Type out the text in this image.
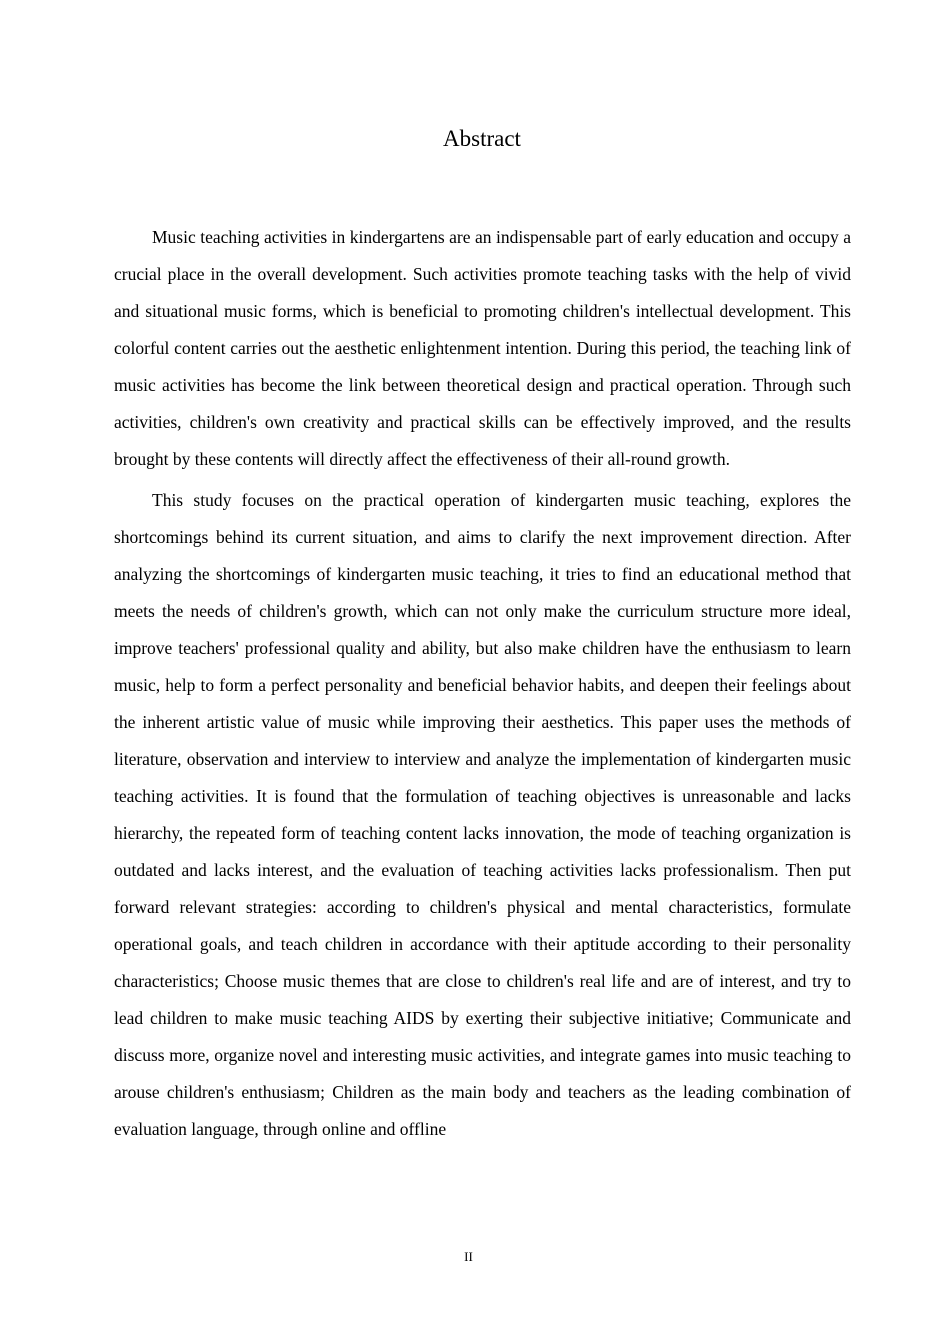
Abstract

Music teaching activities in kindergartens are an indispensable part of early education and occupy a crucial place in the overall development. Such activities promote teaching tasks with the help of vivid and situational music forms, which is beneficial to promoting children's intellectual development. This colorful content carries out the aesthetic enlightenment intention. During this period, the teaching link of music activities has become the link between theoretical design and practical operation. Through such activities, children's own creativity and practical skills can be effectively improved, and the results brought by these contents will directly affect the effectiveness of their all-round growth.

This study focuses on the practical operation of kindergarten music teaching, explores the shortcomings behind its current situation, and aims to clarify the next improvement direction. After analyzing the shortcomings of kindergarten music teaching, it tries to find an educational method that meets the needs of children's growth, which can not only make the curriculum structure more ideal, improve teachers' professional quality and ability, but also make children have the enthusiasm to learn music, help to form a perfect personality and beneficial behavior habits, and deepen their feelings about the inherent artistic value of music while improving their aesthetics. This paper uses the methods of literature, observation and interview to interview and analyze the implementation of kindergarten music teaching activities. It is found that the formulation of teaching objectives is unreasonable and lacks hierarchy, the repeated form of teaching content lacks innovation, the mode of teaching organization is outdated and lacks interest, and the evaluation of teaching activities lacks professionalism. Then put forward relevant strategies: according to children's physical and mental characteristics, formulate operational goals, and teach children in accordance with their aptitude according to their personality characteristics; Choose music themes that are close to children's real life and are of interest, and try to lead children to make music teaching AIDS by exerting their subjective initiative; Communicate and discuss more, organize novel and interesting music activities, and integrate games into music teaching to arouse children's enthusiasm; Children as the main body and teachers as the leading combination of evaluation language, through online and offline

II
